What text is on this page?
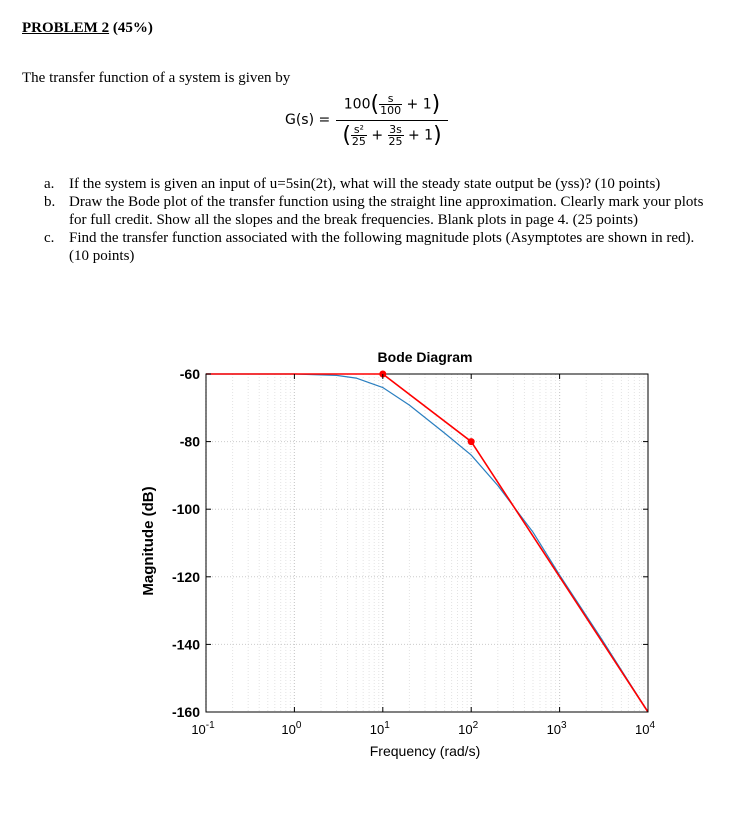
PROBLEM 2 (45%)
The transfer function of a system is given by
G(s) =
$100( \frac{s}{100} + 1)$
( $\frac{\text{s²}}{25} + \frac{3s}{25} + 1$)
a. If the system is given an input of u=5sin(2t), what will the steady state output be (yss)? (10 points)
b. Draw the Bode plot of the transfer function using the straight line approximation. Clearly mark your plots for full credit. Show all the slopes and the break frequencies. Blank plots in page 4. (25 points)
c. Find the transfer function associated with the following magnitude plots (Asymptotes are shown in red). (10 points)
-60
-80
-100
-120
-140
-160
$10^{-1}$	$10^0$	$10^1$	$10^2$	$10^3$	$10^4$
Bode Diagram
Frequency (rad/s)
Magnitude (dB)
